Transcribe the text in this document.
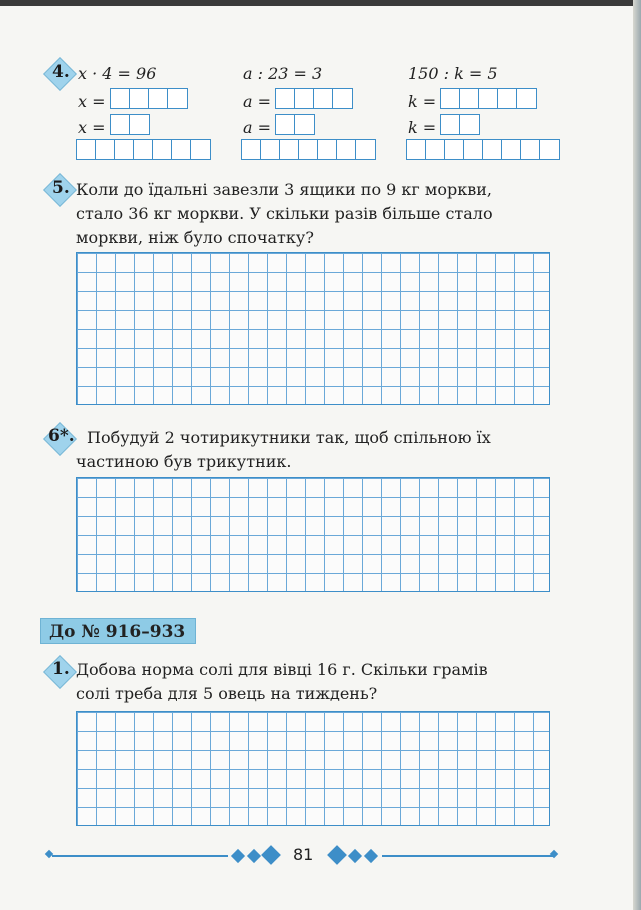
4. x · 4 = 96
x =
x =
a : 23 = 3
a =
a =
150 : k = 5
k =
k =
5. Коли до їдальні завезли 3 ящики по 9 кг моркви,
стало 36 кг моркви. У скільки разів більше стало
моркви, ніж було спочатку?
6*. Побудуй 2 чотирикутники так, щоб спільною їх
частиною був трикутник.
До № 916–933
1. Добова норма солі для вівці 16 г. Скільки грамів
солі треба для 5 овець на тиждень?
81
